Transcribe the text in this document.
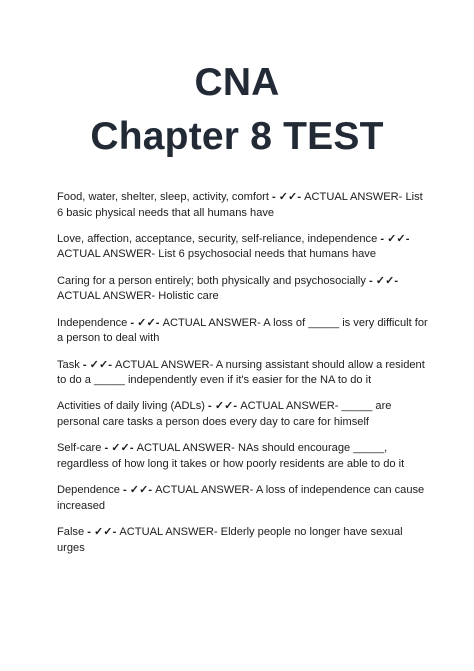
CNA
Chapter 8 TEST

Food, water, shelter, sleep, activity, comfort - ✓✓- ACTUAL ANSWER- List 6 basic physical needs that all humans have

Love, affection, acceptance, security, self-reliance, independence - ✓✓- ACTUAL ANSWER- List 6 psychosocial needs that humans have

Caring for a person entirely; both physically and psychosocially - ✓✓- ACTUAL ANSWER- Holistic care

Independence - ✓✓- ACTUAL ANSWER- A loss of _____ is very difficult for a person to deal with

Task - ✓✓- ACTUAL ANSWER- A nursing assistant should allow a resident to do a _____ independently even if it's easier for the NA to do it

Activities of daily living (ADLs) - ✓✓- ACTUAL ANSWER- _____ are personal care tasks a person does every day to care for himself

Self-care - ✓✓- ACTUAL ANSWER- NAs should encourage _____, regardless of how long it takes or how poorly residents are able to do it

Dependence - ✓✓- ACTUAL ANSWER- A loss of independence can cause increased

False - ✓✓- ACTUAL ANSWER- Elderly people no longer have sexual urges
